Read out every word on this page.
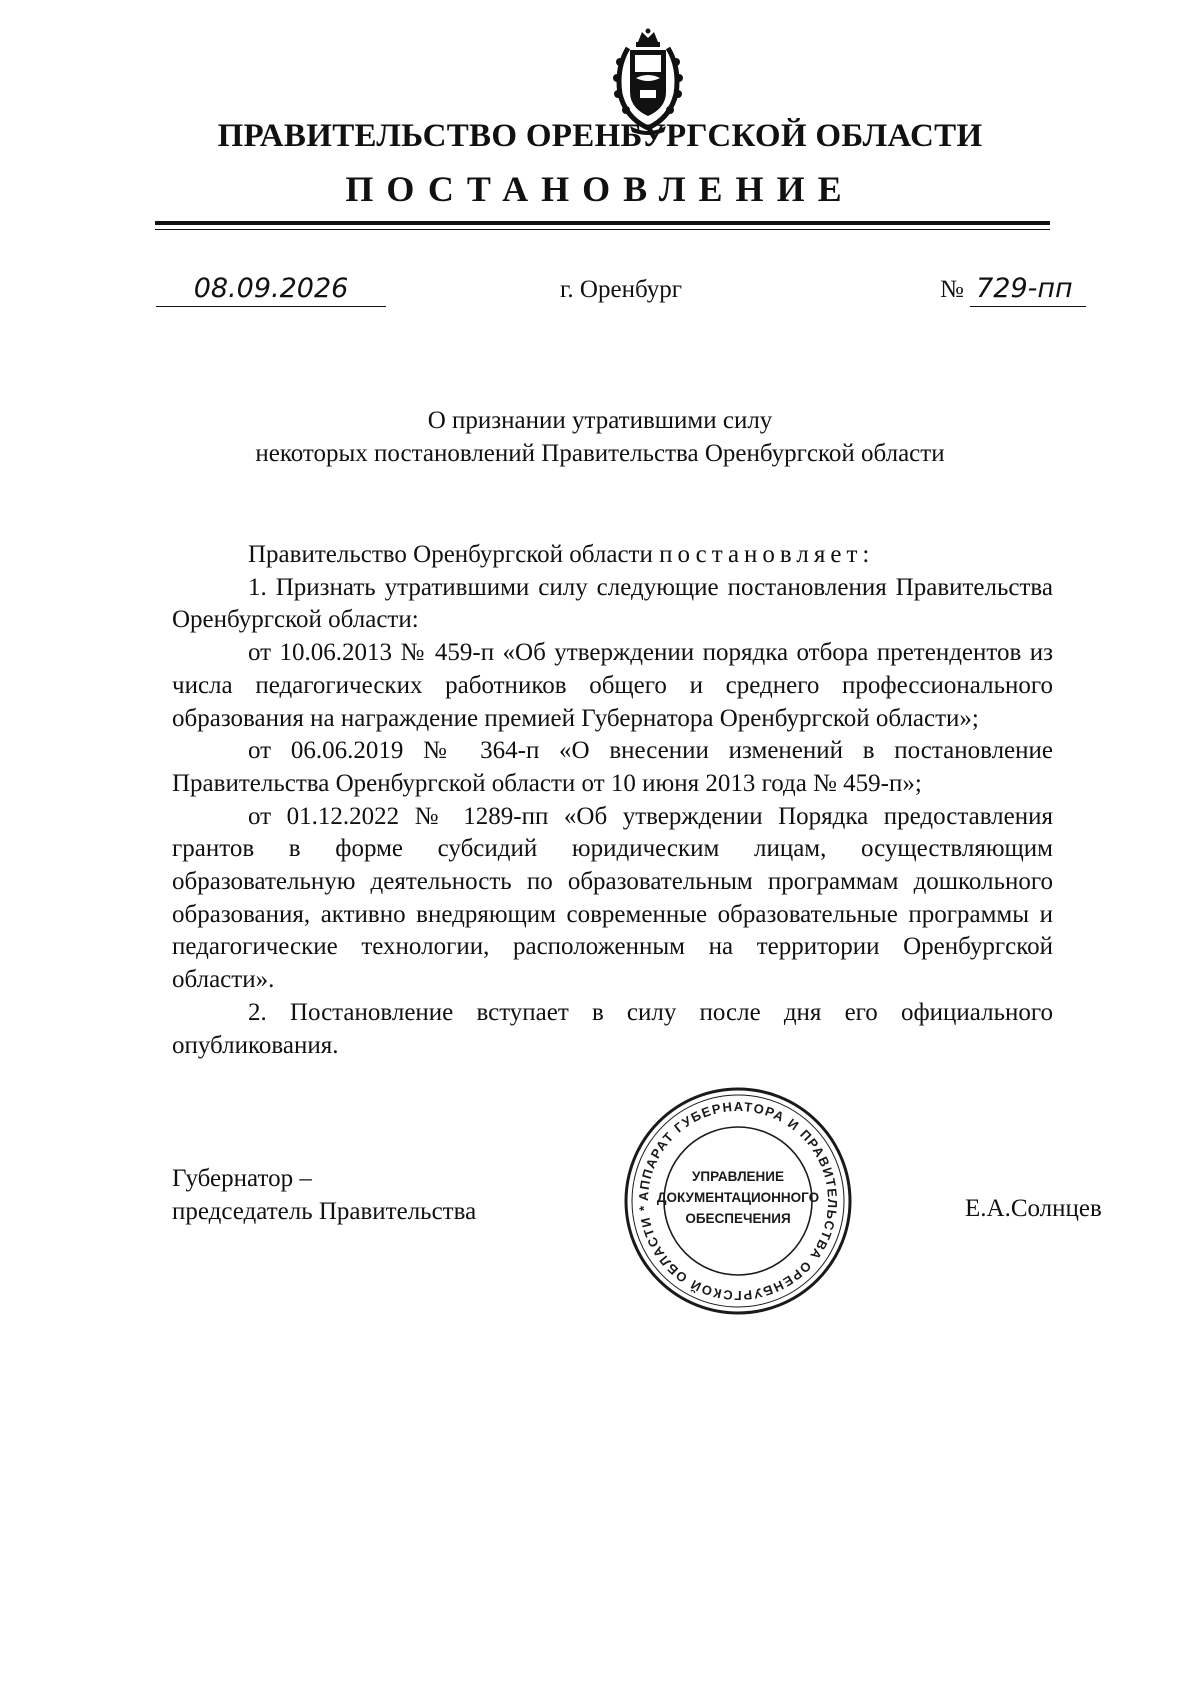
ПРАВИТЕЛЬСТВО ОРЕНБУРГСКОЙ ОБЛАСТИ
ПОСТАНОВЛЕНИЕ
08.09.2026	г. Оренбург	№ 729-пп
О признании утратившими силу
некоторых постановлений Правительства Оренбургской области

Правительство Оренбургской области постановляет:

1. Признать утратившими силу следующие постановления Правительства Оренбургской области:

от 10.06.2013 № 459-п «Об утверждении порядка отбора претендентов из числа педагогических работников общего и среднего профессионального образования на награждение премией Губернатора Оренбургской области»;

от 06.06.2019 № 364-п «О внесении изменений в постановление Правительства Оренбургской области от 10 июня 2013 года № 459-п»;

от 01.12.2022 № 1289-пп «Об утверждении Порядка предоставления грантов в форме субсидий юридическим лицам, осуществляющим образовательную деятельность по образовательным программам дошкольного образования, активно внедряющим современные образовательные программы и педагогические технологии, расположенным на территории Оренбургской области».

2. Постановление вступает в силу после дня его официального опубликования.

Губернатор –
председатель Правительства	Е.А.Солнцев
АППАРАТ ГУБЕРНАТОРА И ПРАВИТЕЛЬСТВА ОРЕНБУРГСКОЙ ОБЛАСТИ *
УПРАВЛЕНИЕ
ДОКУМЕНТАЦИОННОГО
ОБЕСПЕЧЕНИЯ
